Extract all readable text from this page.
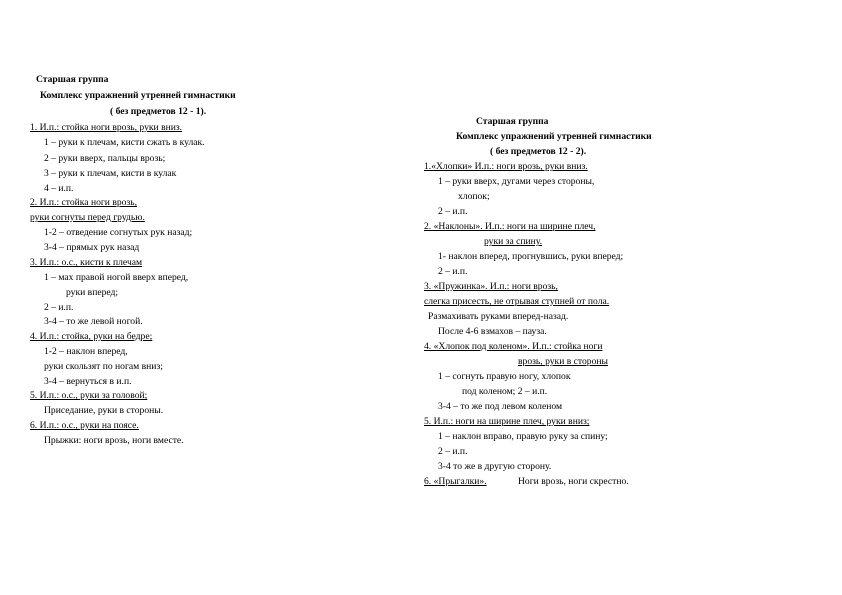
Старшая группа
Комплекс упражнений утренней гимнастики
( без предметов 12 - 1).
1. И.п.: стойка ноги врозь, руки вниз.
1 – руки к плечам, кисти сжать в кулак.
2 – руки вверх, пальцы врозь;
3 – руки к плечам, кисти в кулак
4 – и.п.
2. И.п.: стойка ноги врозь,
руки согнуты перед грудью.
1-2 – отведение согнутых рук назад;
3-4 – прямых рук назад
3. И.п.: о.с., кисти к плечам
1 – мах правой ногой вверх вперед,
руки вперед;
2 – и.п.
3-4 – то же левой ногой.
4. И.п.: стойка, руки на бедре;
1-2 – наклон вперед,
руки скользят по ногам вниз;
3-4 – вернуться в и.п.
5. И.п.: о.с., руки за головой;
Приседание, руки в стороны.
6. И.п.: о.с., руки на поясе.
Прыжки: ноги врозь, ноги вместе.
Старшая группа
Комплекс упражнений утренней гимнастики
( без предметов 12 - 2).
1.«Хлопки» И.п.: ноги врозь, руки вниз.
1 – руки вверх, дугами через стороны,
хлопок;
2 – и.п.
2. «Наклоны». И.п.: ноги на ширине плеч,
руки за спину.
1- наклон вперед, прогнувшись, руки вперед;
2 – и.п.
3. «Пружинка». И.п.: ноги врозь,
слегка присесть, не отрывая ступней от пола.
Размахивать руками вперед-назад.
После 4-6 взмахов – пауза.
4. «Хлопок под коленом». И.п.: стойка ноги
врозь, руки в стороны
1 – согнуть правую ногу, хлопок
под коленом; 2 – и.п.
3-4 – то же под левом коленом
5. И.п.: ноги на ширине плеч, руки вниз;
1 – наклон вправо, правую руку за спину;
2 – и.п.
3-4 то же в другую сторону.
6. «Прыгалки».	Ноги врозь, ноги скрестно.
